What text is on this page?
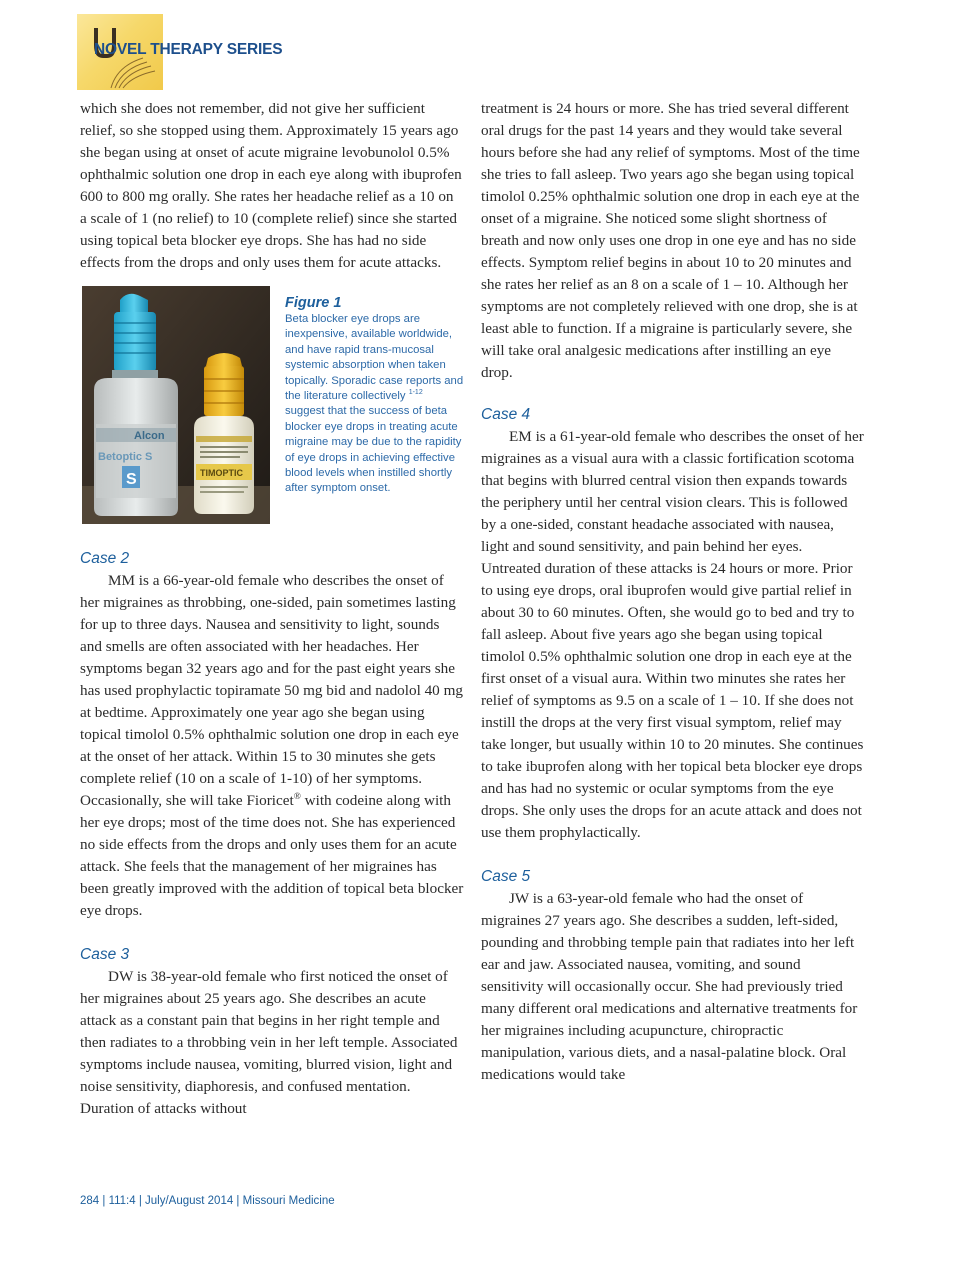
NOVEL THERAPY SERIES

which she does not remember, did not give her sufficient relief, so she stopped using them. Approximately 15 years ago she began using at onset of acute migraine levobunolol 0.5% ophthalmic solution one drop in each eye along with ibuprofen 600 to 800 mg orally. She rates her headache relief as a 10 on a scale of 1 (no relief) to 10 (complete relief) since she started using topical beta blocker eye drops. She has had no side effects from the drops and only uses them for acute attacks.

Alcon
Betoptic S
S	TIMOPTIC
Figure 1
Beta blocker eye drops are inexpensive, available worldwide, and have rapid trans-mucosal systemic absorption when taken topically. Sporadic case reports and the literature collectively $^{1-12}$ suggest that the success of beta blocker eye drops in treating acute migraine may be due to the rapidity of eye drops in achieving effective blood levels when instilled shortly after symptom onset.
Case 2

MM is a 66-year-old female who describes the onset of her migraines as throbbing, one-sided, pain sometimes lasting for up to three days. Nausea and sensitivity to light, sounds and smells are often associated with her headaches. Her symptoms began 32 years ago and for the past eight years she has used prophylactic topiramate 50 mg bid and nadolol 40 mg at bedtime. Approximately one year ago she began using topical timolol 0.5% ophthalmic solution one drop in each eye at the onset of her attack. Within 15 to 30 minutes she gets complete relief (10 on a scale of 1-10) of her symptoms. Occasionally, she will take Fioricet® with codeine along with her eye drops; most of the time does not. She has experienced no side effects from the drops and only uses them for an acute attack. She feels that the management of her migraines has been greatly improved with the addition of topical beta blocker eye drops.

Case 3

DW is 38-year-old female who first noticed the onset of her migraines about 25 years ago. She describes an acute attack as a constant pain that begins in her right temple and then radiates to a throbbing vein in her left temple. Associated symptoms include nausea, vomiting, blurred vision, light and noise sensitivity, diaphoresis, and confused mentation. Duration of attacks without

treatment is 24 hours or more. She has tried several different oral drugs for the past 14 years and they would take several hours before she had any relief of symptoms. Most of the time she tries to fall asleep. Two years ago she began using topical timolol 0.25% ophthalmic solution one drop in each eye at the onset of a migraine. She noticed some slight shortness of breath and now only uses one drop in one eye and has no side effects. Symptom relief begins in about 10 to 20 minutes and she rates her relief as an 8 on a scale of 1 – 10. Although her symptoms are not completely relieved with one drop, she is at least able to function. If a migraine is particularly severe, she will take oral analgesic medications after instilling an eye drop.

Case 4

EM is a 61-year-old female who describes the onset of her migraines as a visual aura with a classic fortification scotoma that begins with blurred central vision then expands towards the periphery until her central vision clears. This is followed by a one-sided, constant headache associated with nausea, light and sound sensitivity, and pain behind her eyes. Untreated duration of these attacks is 24 hours or more. Prior to using eye drops, oral ibuprofen would give partial relief in about 30 to 60 minutes. Often, she would go to bed and try to fall asleep. About five years ago she began using topical timolol 0.5% ophthalmic solution one drop in each eye at the first onset of a visual aura. Within two minutes she rates her relief of symptoms as 9.5 on a scale of 1 – 10. If she does not instill the drops at the very first visual symptom, relief may take longer, but usually within 10 to 20 minutes. She continues to take ibuprofen along with her topical beta blocker eye drops and has had no systemic or ocular symptoms from the eye drops. She only uses the drops for an acute attack and does not use them prophylactically.

Case 5

JW is a 63-year-old female who had the onset of migraines 27 years ago. She describes a sudden, left-sided, pounding and throbbing temple pain that radiates into her left ear and jaw. Associated nausea, vomiting, and sound sensitivity will occasionally occur. She had previously tried many different oral medications and alternative treatments for her migraines including acupuncture, chiropractic manipulation, various diets, and a nasal-palatine block. Oral medications would take

284 | 111:4 | July/August 2014 | Missouri Medicine
